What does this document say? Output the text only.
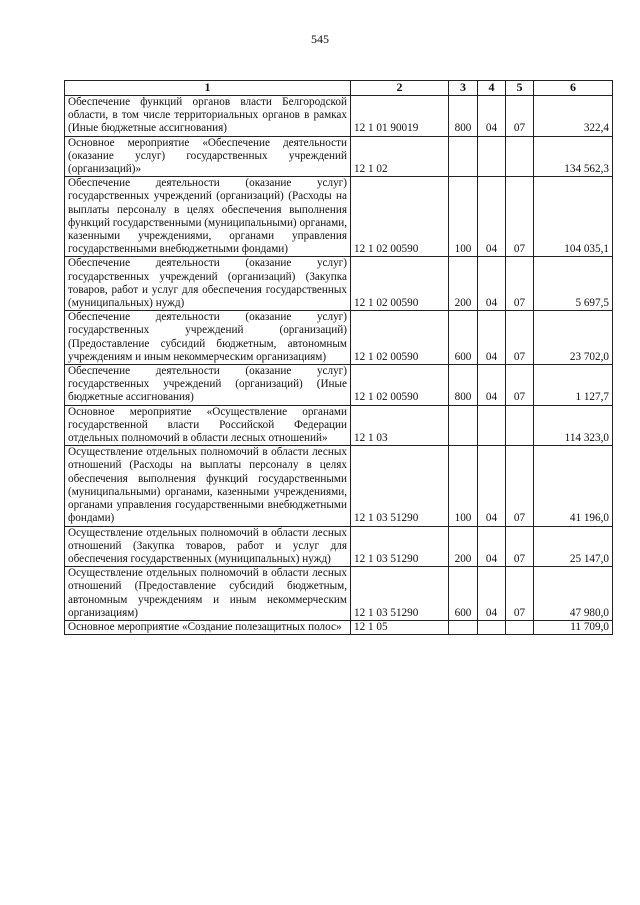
545
1	2	3	4	5	6
Обеспечение функций органов власти Белгородской области, в том числе территориальных органов в рамках (Иные бюджетные ассигнования)	12 1 01 90019	800	04	07	322,4
Основное мероприятие «Обеспечение деятельности (оказание услуг) государственных учреждений (организаций)»	12 1 02				134 562,3
Обеспечение деятельности (оказание услуг) государственных учреждений (организаций) (Расходы на выплаты персоналу в целях обеспечения выполнения функций государственными (муниципальными) органами, казенными учреждениями, органами управления государственными внебюджетными фондами)	12 1 02 00590	100	04	07	104 035,1
Обеспечение деятельности (оказание услуг) государственных учреждений (организаций) (Закупка товаров, работ и услуг для обеспечения государственных (муниципальных) нужд)	12 1 02 00590	200	04	07	5 697,5
Обеспечение деятельности (оказание услуг) государственных учреждений (организаций) (Предоставление субсидий бюджетным, автономным учреждениям и иным некоммерческим организациям)	12 1 02 00590	600	04	07	23 702,0
Обеспечение деятельности (оказание услуг) государственных учреждений (организаций) (Иные бюджетные ассигнования)	12 1 02 00590	800	04	07	1 127,7
Основное мероприятие «Осуществление органами государственной власти Российской Федерации отдельных полномочий в области лесных отношений»	12 1 03				114 323,0
Осуществление отдельных полномочий в области лесных отношений (Расходы на выплаты персоналу в целях обеспечения выполнения функций государственными (муниципальными) органами, казенными учреждениями, органами управления государственными внебюджетными фондами)	12 1 03 51290	100	04	07	41 196,0
Осуществление отдельных полномочий в области лесных отношений (Закупка товаров, работ и услуг для обеспечения государственных (муниципальных) нужд)	12 1 03 51290	200	04	07	25 147,0
Осуществление отдельных полномочий в области лесных отношений (Предоставление субсидий бюджетным, автономным учреждениям и иным некоммерческим организациям)	12 1 03 51290	600	04	07	47 980,0
Основное мероприятие «Создание полезащитных полос»	12 1 05				11 709,0
